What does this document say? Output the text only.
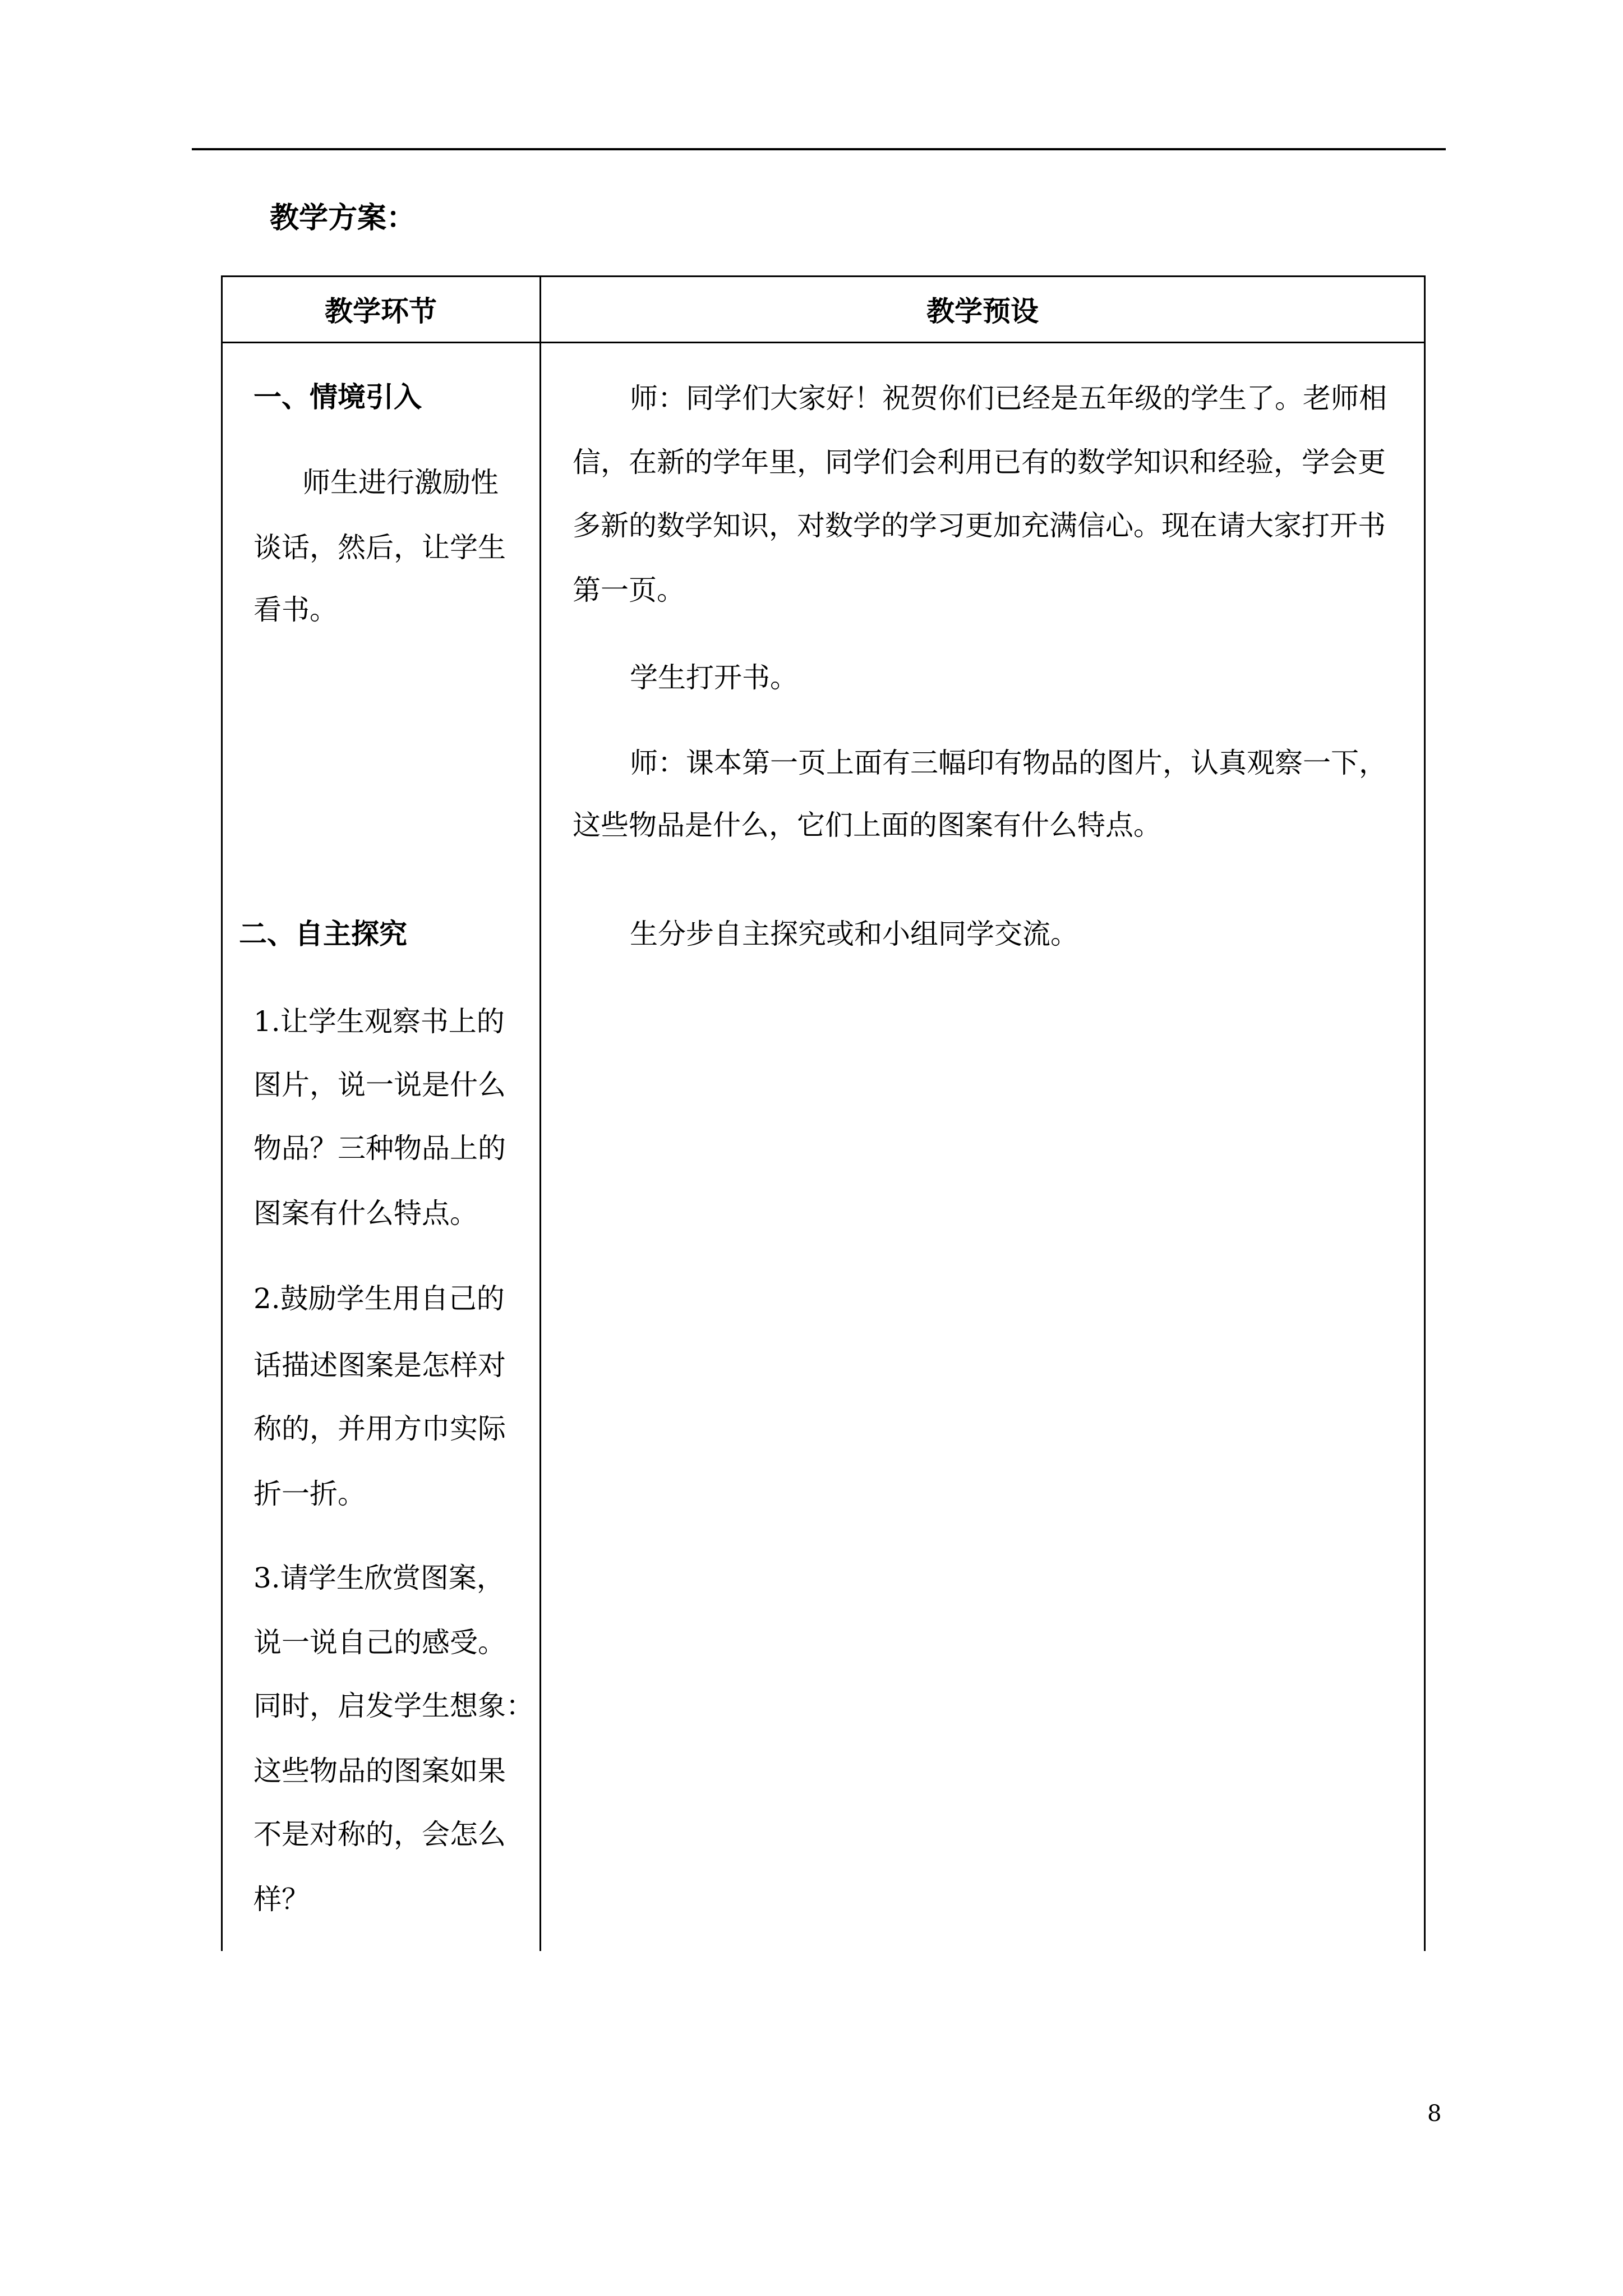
教学方案：
教学环节	教学预设
一、情境引入
师生进行激励性
谈话，然后，让学生
看书。
二、自主探究
1.让学生观察书上的
图片，说一说是什么
物品？三种物品上的
图案有什么特点。
2.鼓励学生用自己的
话描述图案是怎样对
称的，并用方巾实际
折一折。
3.请学生欣赏图案，
说一说自己的感受。
同时，启发学生想象：
这些物品的图案如果
不是对称的，会怎么
样？
师：同学们大家好！祝贺你们已经是五年级的学生了。老师相
信，在新的学年里，同学们会利用已有的数学知识和经验，学会更
多新的数学知识，对数学的学习更加充满信心。现在请大家打开书
第一页。
学生打开书。
师：课本第一页上面有三幅印有物品的图片，认真观察一下，
这些物品是什么，它们上面的图案有什么特点。
生分步自主探究或和小组同学交流。
8
